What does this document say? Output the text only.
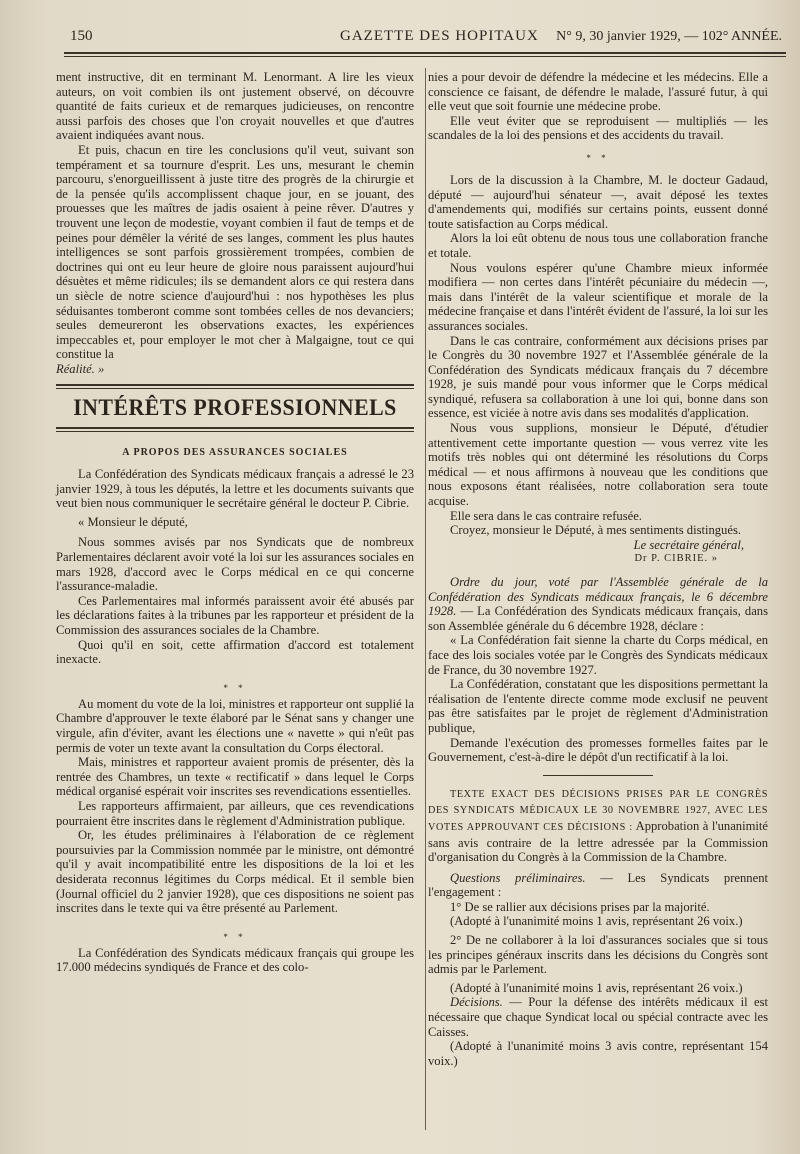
150	GAZETTE DES HOPITAUX N° 9, 30 janvier 1929, — 102° ANNÉE.

ment instructive, dit en terminant M. Lenormant. A lire les vieux auteurs, on voit combien ils ont justement observé, on découvre quantité de faits curieux et de remarques judicieuses, on rencontre aussi parfois des choses que l'on croyait nouvelles et que d'autres avaient indiquées avant nous.

Et puis, chacun en tire les conclusions qu'il veut, suivant son tempérament et sa tournure d'esprit. Les uns, mesurant le chemin parcouru, s'enorgueillissent à juste titre des progrès de la chirurgie et de la pensée qu'ils accomplissent chaque jour, en se jouant, des prouesses que les maîtres de jadis osaient à peine rêver. D'autres y trouvent une leçon de modestie, voyant combien il faut de temps et de peines pour démêler la vérité de ses langes, comment les plus hautes intelligences se sont parfois grossièrement trompées, combien de doctrines qui ont eu leur heure de gloire nous paraissent aujourd'hui désuètes et même ridicules; ils se demandent alors ce qui restera dans un siècle de notre science d'aujourd'hui : nos hypothèses les plus séduisantes tomberont comme sont tombées celles de nos devanciers; seules demeureront les observations exactes, les expériences impeccables et, pour employer le mot cher à Malgaigne, tout ce qui constitue la

Réalité. »

INTÉRÊTS PROFESSIONNELS
A PROPOS DES ASSURANCES SOCIALES

La Confédération des Syndicats médicaux français a adressé le 23 janvier 1929, à tous les députés, la lettre et les documents suivants que veut bien nous communiquer le secrétaire général le docteur P. Cibrie.

« Monsieur le député,

Nous sommes avisés par nos Syndicats que de nombreux Parlementaires déclarent avoir voté la loi sur les assurances sociales en mars 1928, d'accord avec le Corps médical en ce qui concerne l'assurance-maladie.

Ces Parlementaires mal informés paraissent avoir été abusés par les déclarations faites à la tribunes par les rapporteur et président de la Commission des assurances sociales de la Chambre.

Quoi qu'il en soit, cette affirmation d'accord est totalement inexacte.

* *

Au moment du vote de la loi, ministres et rapporteur ont supplié la Chambre d'approuver le texte élaboré par le Sénat sans y changer une virgule, afin d'éviter, avant les élections une « navette » qui n'eût pas permis de voter un texte avant la consultation du Corps électoral.

Mais, ministres et rapporteur avaient promis de présenter, dès la rentrée des Chambres, un texte « rectificatif » dans lequel le Corps médical organisé espérait voir inscrites ses revendications essentielles.

Les rapporteurs affirmaient, par ailleurs, que ces revendications pourraient être inscrites dans le règlement d'Administration publique.

Or, les études préliminaires à l'élaboration de ce règlement poursuivies par la Commission nommée par le ministre, ont démontré qu'il y avait incompatibilité entre les dispositions de la loi et les desiderata reconnus légitimes du Corps médical. Et il semble bien (Journal officiel du 2 janvier 1928), que ces dispositions ne soient pas inscrites dans le texte qui va être présenté au Parlement.

* *

La Confédération des Syndicats médicaux français qui groupe les 17.000 médecins syndiqués de France et des colo-

nies a pour devoir de défendre la médecine et les médecins. Elle a conscience ce faisant, de défendre le malade, l'assuré futur, à qui elle veut que soit fournie une médecine probe.

Elle veut éviter que se reproduisent — multipliés — les scandales de la loi des pensions et des accidents du travail.

* *

Lors de la discussion à la Chambre, M. le docteur Gadaud, député — aujourd'hui sénateur —, avait déposé les textes d'amendements qui, modifiés sur certains points, eussent donné toute satisfaction au Corps médical.

Alors la loi eût obtenu de nous tous une collaboration franche et totale.

Nous voulons espérer qu'une Chambre mieux informée modifiera — non certes dans l'intérêt pécuniaire du médecin —, mais dans l'intérêt de la valeur scientifique et morale de la médecine française et dans l'intérêt évident de l'assuré, la loi sur les assurances sociales.

Dans le cas contraire, conformément aux décisions prises par le Congrès du 30 novembre 1927 et l'Assemblée générale de la Confédération des Syndicats médicaux français du 7 décembre 1928, je suis mandé pour vous informer que le Corps médical syndiqué, refusera sa collaboration à une loi qui, bonne dans son essence, est viciée à notre avis dans ses modalités d'application.

Nous vous supplions, monsieur le Député, d'étudier attentivement cette importante question — vous verrez vite les motifs très nobles qui ont déterminé les résolutions du Corps médical — et nous affirmons à nouveau que les conditions que nous exposons étant réalisées, notre collaboration sera toute acquise.

Elle sera dans le cas contraire refusée.

Croyez, monsieur le Député, à mes sentiments distingués.

Le secrétaire général,
Dr P. CIBRIE. »

Ordre du jour, voté par l'Assemblée générale de la Confédération des Syndicats médicaux français, le 6 décembre 1928. — La Confédération des Syndicats médicaux français, dans son Assemblée générale du 6 décembre 1928, déclare :

« La Confédération fait sienne la charte du Corps médical, en face des lois sociales votée par le Congrès des Syndicats médicaux de France, du 30 novembre 1927.

La Confédération, constatant que les dispositions permettant la réalisation de l'entente directe comme mode exclusif ne peuvent pas être satisfaites par le projet de règlement d'Administration publique,

Demande l'exécution des promesses formelles faites par le Gouvernement, c'est-à-dire le dépôt d'un rectificatif à la loi.

TEXTE EXACT DES DÉCISIONS PRISES PAR LE CONGRÈS DES SYNDICATS MÉDICAUX LE 30 NOVEMBRE 1927, AVEC LES VOTES APPROUVANT CES DÉCISIONS : Approbation à l'unanimité sans avis contraire de la lettre adressée par la Commission d'organisation du Congrès à la Commission de la Chambre.

Questions préliminaires. — Les Syndicats prennent l'engagement :

1° De se rallier aux décisions prises par la majorité.

(Adopté à l'unanimité moins 1 avis, représentant 26 voix.)

2° De ne collaborer à la loi d'assurances sociales que si tous les principes généraux inscrits dans les décisions du Congrès sont admis par le Parlement.

(Adopté à l'unanimité moins 1 avis, représentant 26 voix.)

Décisions. — Pour la défense des intérêts médicaux il est nécessaire que chaque Syndicat local ou spécial contracte avec les Caisses.

(Adopté à l'unanimité moins 3 avis contre, représentant 154 voix.)
